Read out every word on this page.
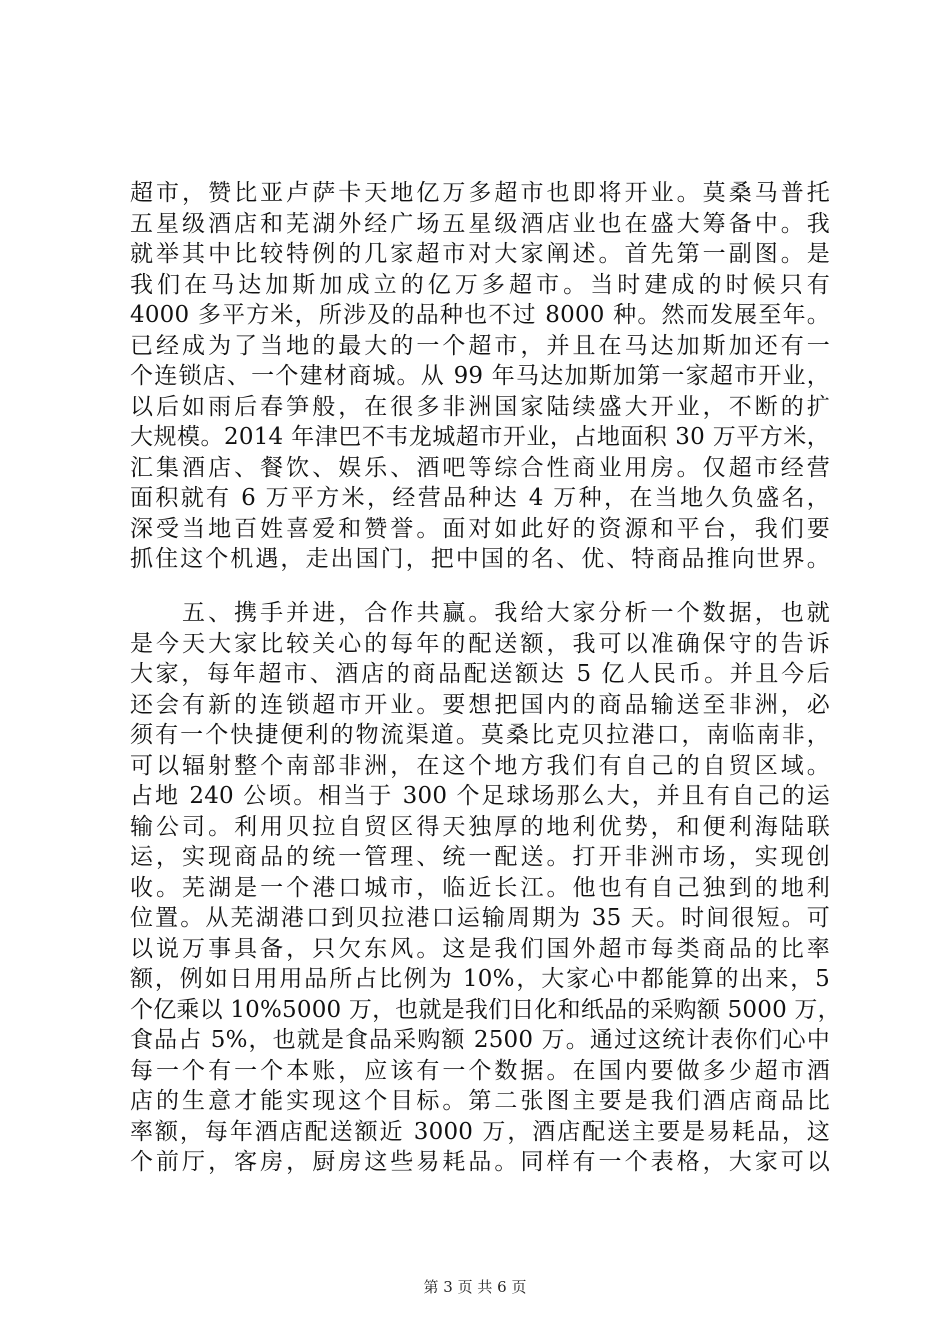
超市，赞比亚卢萨卡天地亿万多超市也即将开业。莫桑马普托
五星级酒店和芜湖外经广场五星级酒店业也在盛大筹备中。我
就举其中比较特例的几家超市对大家阐述。首先第一副图。是
我们在马达加斯加成立的亿万多超市。当时建成的时候只有
4000 多平方米，所涉及的品种也不过 8000 种。然而发展至年。
已经成为了当地的最大的一个超市，并且在马达加斯加还有一
个连锁店、一个建材商城。从 99 年马达加斯加第一家超市开业，
以后如雨后春笋般，在很多非洲国家陆续盛大开业，不断的扩
大规模。2014 年津巴不韦龙城超市开业，占地面积 30 万平方米，
汇集酒店、餐饮、娱乐、酒吧等综合性商业用房。仅超市经营
面积就有 6 万平方米，经营品种达 4 万种，在当地久负盛名，
深受当地百姓喜爱和赞誉。面对如此好的资源和平台，我们要
抓住这个机遇，走出国门，把中国的名、优、特商品推向世界。
　　五、携手并进，合作共赢。我给大家分析一个数据，也就
是今天大家比较关心的每年的配送额，我可以准确保守的告诉
大家，每年超市、酒店的商品配送额达 5 亿人民币。并且今后
还会有新的连锁超市开业。要想把国内的商品输送至非洲，必
须有一个快捷便利的物流渠道。莫桑比克贝拉港口，南临南非，
可以辐射整个南部非洲，在这个地方我们有自己的自贸区域。
占地 240 公顷。相当于 300 个足球场那么大，并且有自己的运
输公司。利用贝拉自贸区得天独厚的地利优势，和便利海陆联
运，实现商品的统一管理、统一配送。打开非洲市场，实现创
收。芜湖是一个港口城市，临近长江。他也有自己独到的地利
位置。从芜湖港口到贝拉港口运输周期为 35 天。时间很短。可
以说万事具备，只欠东风。这是我们国外超市每类商品的比率
额，例如日用用品所占比例为 10%，大家心中都能算的出来，5
个亿乘以 10%5000 万，也就是我们日化和纸品的采购额 5000 万，
食品占 5%，也就是食品采购额 2500 万。通过这统计表你们心中
每一个有一个本账，应该有一个数据。在国内要做多少超市酒
店的生意才能实现这个目标。第二张图主要是我们酒店商品比
率额，每年酒店配送额近 3000 万，酒店配送主要是易耗品，这
个前厅，客房，厨房这些易耗品。同样有一个表格，大家可以
第 3 页 共 6 页
